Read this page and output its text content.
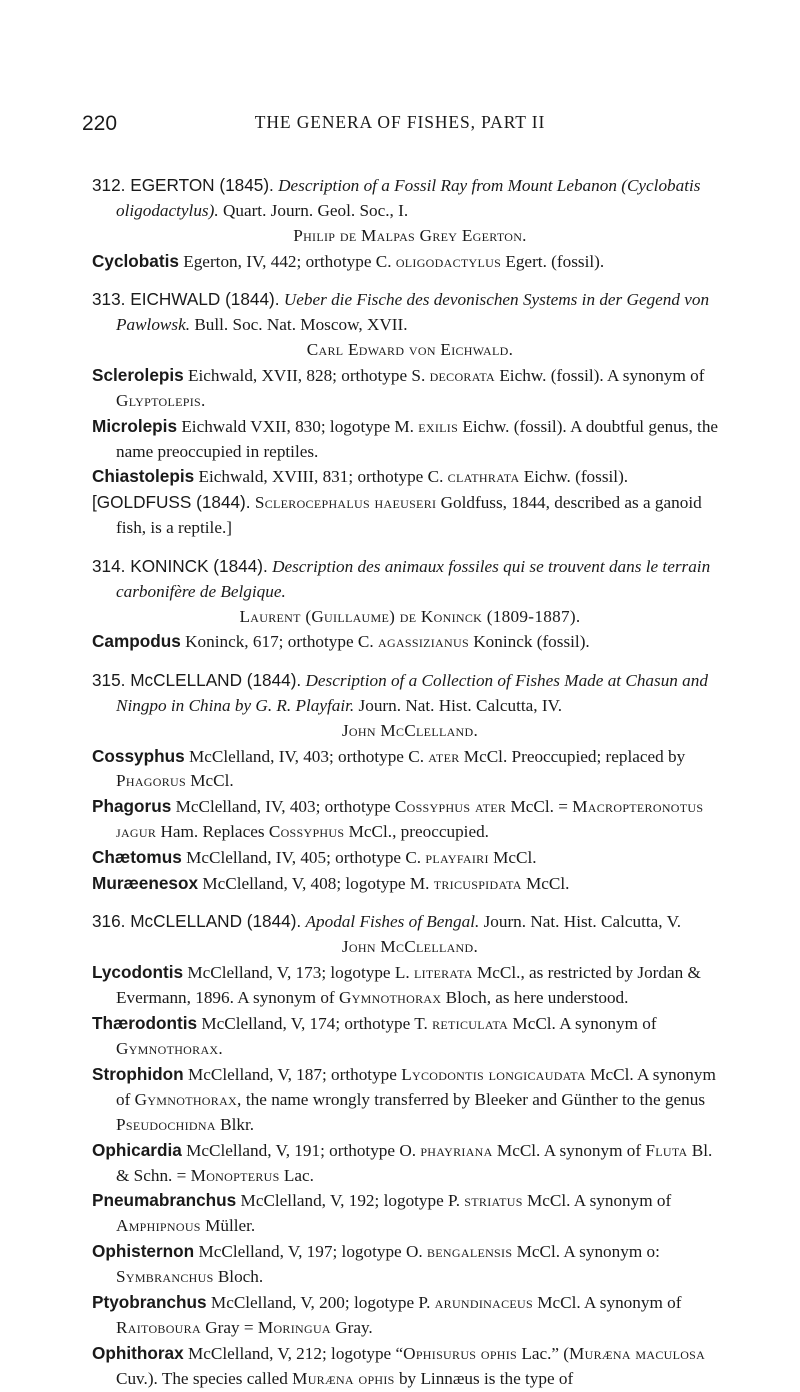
220	THE GENERA OF FISHES, PART II

312. EGERTON (1845). Description of a Fossil Ray from Mount Lebanon (Cyclobatis oligodactylus). Quart. Journ. Geol. Soc., I.

Philip de Malpas Grey Egerton.

Cyclobatis Egerton, IV, 442; orthotype C. oligodactylus Egert. (fossil).

313. EICHWALD (1844). Ueber die Fische des devonischen Systems in der Gegend von Pawlowsk. Bull. Soc. Nat. Moscow, XVII.

Carl Edward von Eichwald.

Sclerolepis Eichwald, XVII, 828; orthotype S. decorata Eichw. (fossil). A synonym of Glyptolepis.

Microlepis Eichwald VXII, 830; logotype M. exilis Eichw. (fossil). A doubtful genus, the name preoccupied in reptiles.

Chiastolepis Eichwald, XVIII, 831; orthotype C. clathrata Eichw. (fossil).

[GOLDFUSS (1844). Sclerocephalus haeuseri Goldfuss, 1844, described as a ganoid fish, is a reptile.]

314. KONINCK (1844). Description des animaux fossiles qui se trouvent dans le terrain carbonifère de Belgique.

Laurent (Guillaume) de Koninck (1809-1887).

Campodus Koninck, 617; orthotype C. agassizianus Koninck (fossil).

315. McCLELLAND (1844). Description of a Collection of Fishes Made at Chasun and Ningpo in China by G. R. Playfair. Journ. Nat. Hist. Calcutta, IV.

John McClelland.

Cossyphus McClelland, IV, 403; orthotype C. ater McCl. Preoccupied; replaced by Phagorus McCl.

Phagorus McClelland, IV, 403; orthotype Cossyphus ater McCl. = Macropteronotus jagur Ham. Replaces Cossyphus McCl., preoccupied.

Chætomus McClelland, IV, 405; orthotype C. playfairi McCl.

Muræenesox McClelland, V, 408; logotype M. tricuspidata McCl.

316. McCLELLAND (1844). Apodal Fishes of Bengal. Journ. Nat. Hist. Calcutta, V.

John McClelland.

Lycodontis McClelland, V, 173; logotype L. literata McCl., as restricted by Jordan & Evermann, 1896. A synonym of Gymnothorax Bloch, as here understood.

Thærodontis McClelland, V, 174; orthotype T. reticulata McCl. A synonym of Gymnothorax.

Strophidon McClelland, V, 187; orthotype Lycodontis longicaudata McCl. A synonym of Gymnothorax, the name wrongly transferred by Bleeker and Günther to the genus Pseudochidna Blkr.

Ophicardia McClelland, V, 191; orthotype O. phayriana McCl. A synonym of Fluta Bl. & Schn. = Monopterus Lac.

Pneumabranchus McClelland, V, 192; logotype P. striatus McCl. A synonym of Amphipnous Müller.

Ophisternon McClelland, V, 197; logotype O. bengalensis McCl. A synonym o: Symbranchus Bloch.

Ptyobranchus McClelland, V, 200; logotype P. arundinaceus McCl. A synonym of Raitoboura Gray = Moringua Gray.

Ophithorax McClelland, V, 212; logotype “Ophisurus ophis Lac.” (Muræna maculosa Cuv.). The species called Muræna ophis by Linnæus is the type of
